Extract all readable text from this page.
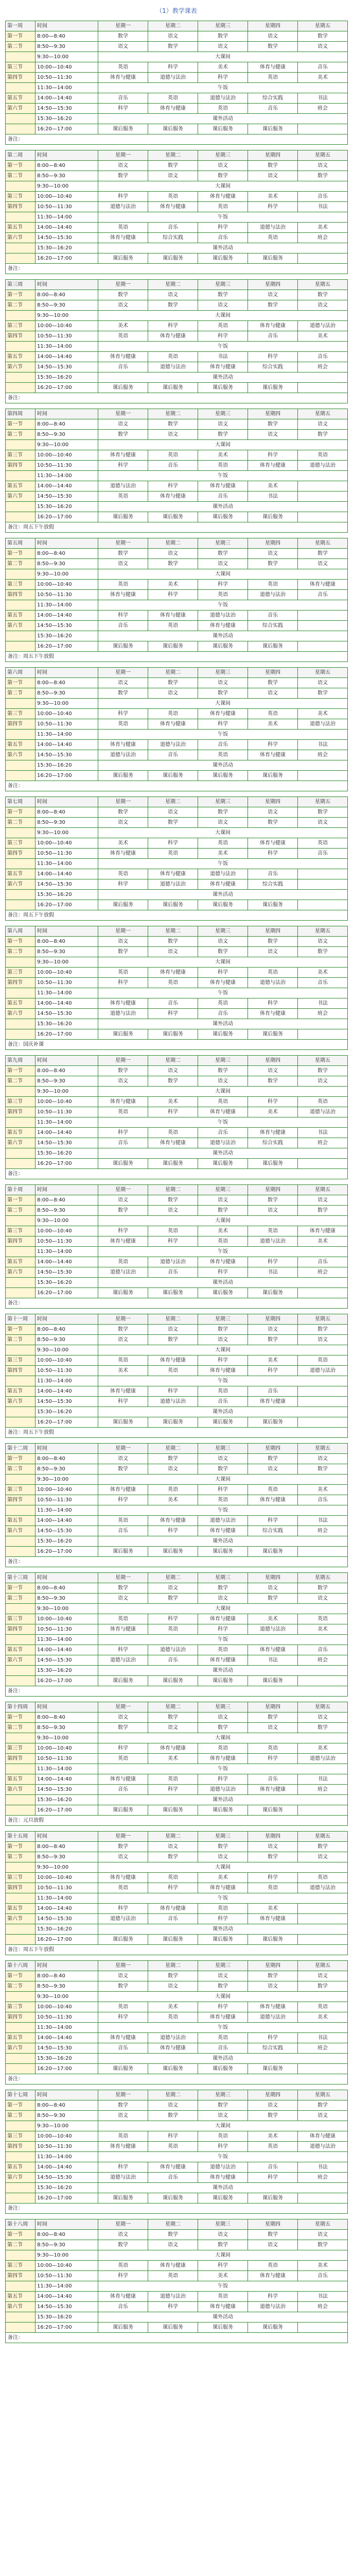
（1）教学课表
第一周	时间	星期一	星期二	星期三	星期四	星期五
第一节	8:00—8:40	数学	语文	数学	语文	数学
第二节	8:50—9:30	语文	数学	语文	数学	语文
	9:30—10:00	大课间				
第三节	10:00—10:40	英语	科学	美术	体育与健康	音乐
第四节	10:50—11:30	体育与健康	道德与法治	科学	英语	美术
	11:30—14:00	午饭				
第五节	14:00—14:40	音乐	英语	道德与法治	综合实践	书法
第六节	14:50—15:30	科学	体育与健康	英语	音乐	班会
	15:30—16:20	课外活动				
	16:20—17:00	课后服务	课后服务	课后服务	课后服务	
备注：
第二周	时间	星期一	星期二	星期三	星期四	星期五
第一节	8:00—8:40	语文	数学	语文	数学	语文
第二节	8:50—9:30	数学	语文	数学	语文	数学
	9:30—10:00	大课间				
第三节	10:00—10:40	科学	英语	体育与健康	美术	音乐
第四节	10:50—11:30	道德与法治	体育与健康	英语	科学	书法
	11:30—14:00	午饭				
第五节	14:00—14:40	英语	音乐	科学	道德与法治	美术
第六节	14:50—15:30	体育与健康	综合实践	音乐	英语	班会
	15:30—16:20	课外活动				
	16:20—17:00	课后服务	课后服务	课后服务	课后服务	
备注：
第三周	时间	星期一	星期二	星期三	星期四	星期五
第一节	8:00—8:40	数学	语文	数学	语文	数学
第二节	8:50—9:30	语文	数学	语文	数学	语文
	9:30—10:00	大课间				
第三节	10:00—10:40	美术	科学	英语	体育与健康	道德与法治
第四节	10:50—11:30	英语	体育与健康	科学	音乐	美术
	11:30—14:00	午饭				
第五节	14:00—14:40	体育与健康	英语	书法	科学	音乐
第六节	14:50—15:30	音乐	道德与法治	体育与健康	综合实践	班会
	15:30—16:20	课外活动				
	16:20—17:00	课后服务	课后服务	课后服务	课后服务	
备注：
第四周	时间	星期一	星期二	星期三	星期四	星期五
第一节	8:00—8:40	语文	数学	语文	数学	语文
第二节	8:50—9:30	数学	语文	数学	语文	数学
	9:30—10:00	大课间				
第三节	10:00—10:40	体育与健康	英语	美术	科学	英语
第四节	10:50—11:30	科学	音乐	英语	体育与健康	道德与法治
	11:30—14:00	午饭				
第五节	14:00—14:40	道德与法治	科学	体育与健康	美术	
第六节	14:50—15:30	英语	体育与健康	音乐	书法	
	15:30—16:20	课外活动				
	16:20—17:00	课后服务	课后服务	课后服务	课后服务	
备注：周五下午放假
第五周	时间	星期一	星期二	星期三	星期四	星期五
第一节	8:00—8:40	数学	语文	数学	语文	数学
第二节	8:50—9:30	语文	数学	语文	数学	语文
	9:30—10:00	大课间				
第三节	10:00—10:40	英语	美术	科学	英语	体育与健康
第四节	10:50—11:30	体育与健康	科学	英语	道德与法治	音乐
	11:30—14:00	午饭				
第五节	14:00—14:40	科学	体育与健康	道德与法治	音乐	
第六节	14:50—15:30	音乐	英语	体育与健康	综合实践	
	15:30—16:20	课外活动				
	16:20—17:00	课后服务	课后服务	课后服务	课后服务	
备注：周五下午放假
第六周	时间	星期一	星期二	星期三	星期四	星期五
第一节	8:00—8:40	语文	数学	语文	数学	语文
第二节	8:50—9:30	数学	语文	数学	语文	数学
	9:30—10:00	大课间				
第三节	10:00—10:40	科学	英语	体育与健康	英语	美术
第四节	10:50—11:30	英语	体育与健康	科学	美术	道德与法治
	11:30—14:00	午饭				
第五节	14:00—14:40	体育与健康	道德与法治	音乐	科学	书法
第六节	14:50—15:30	道德与法治	音乐	英语	体育与健康	班会
	15:30—16:20	课外活动				
	16:20—17:00	课后服务	课后服务	课后服务	课后服务	
备注：
第七周	时间	星期一	星期二	星期三	星期四	星期五
第一节	8:00—8:40	数学	语文	数学	语文	数学
第二节	8:50—9:30	语文	数学	语文	数学	语文
	9:30—10:00	大课间				
第三节	10:00—10:40	美术	科学	英语	体育与健康	英语
第四节	10:50—11:30	体育与健康	英语	美术	科学	音乐
	11:30—14:00	午饭				
第五节	14:00—14:40	英语	体育与健康	道德与法治	音乐	
第六节	14:50—15:30	科学	道德与法治	体育与健康	综合实践	
	15:30—16:20	课外活动				
	16:20—17:00	课后服务	课后服务	课后服务	课后服务	
备注：周五下午放假
第八周	时间	星期一	星期二	星期三	星期四	星期五
第一节	8:00—8:40	语文	数学	语文	数学	语文
第二节	8:50—9:30	数学	语文	数学	语文	数学
	9:30—10:00	大课间				
第三节	10:00—10:40	英语	体育与健康	科学	英语	美术
第四节	10:50—11:30	科学	英语	体育与健康	道德与法治	音乐
	11:30—14:00	午饭				
第五节	14:00—14:40	体育与健康	音乐	英语	科学	书法
第六节	14:50—15:30	道德与法治	科学	音乐	体育与健康	班会
	15:30—16:20	课外活动				
	16:20—17:00	课后服务	课后服务	课后服务	课后服务	
备注：国庆补课
第九周	时间	星期一	星期二	星期三	星期四	星期五
第一节	8:00—8:40	数学	语文	数学	语文	数学
第二节	8:50—9:30	语文	数学	语文	数学	语文
	9:30—10:00	大课间				
第三节	10:00—10:40	体育与健康	美术	英语	科学	英语
第四节	10:50—11:30	英语	科学	体育与健康	美术	道德与法治
	11:30—14:00	午饭				
第五节	14:00—14:40	科学	英语	音乐	体育与健康	书法
第六节	14:50—15:30	音乐	体育与健康	道德与法治	综合实践	班会
	15:30—16:20	课外活动				
	16:20—17:00	课后服务	课后服务	课后服务	课后服务	
备注：
第十周	时间	星期一	星期二	星期三	星期四	星期五
第一节	8:00—8:40	语文	数学	语文	数学	语文
第二节	8:50—9:30	数学	语文	数学	语文	数学
	9:30—10:00	大课间				
第三节	10:00—10:40	科学	英语	美术	英语	体育与健康
第四节	10:50—11:30	体育与健康	科学	英语	道德与法治	美术
	11:30—14:00	午饭				
第五节	14:00—14:40	英语	道德与法治	体育与健康	科学	音乐
第六节	14:50—15:30	道德与法治	音乐	科学	书法	班会
	15:30—16:20	课外活动				
	16:20—17:00	课后服务	课后服务	课后服务	课后服务	
备注：
第十一周	时间	星期一	星期二	星期三	星期四	星期五
第一节	8:00—8:40	数学	语文	数学	语文	数学
第二节	8:50—9:30	语文	数学	语文	数学	语文
	9:30—10:00	大课间				
第三节	10:00—10:40	英语	体育与健康	科学	美术	英语
第四节	10:50—11:30	美术	英语	体育与健康	科学	道德与法治
	11:30—14:00	午饭				
第五节	14:00—14:40	体育与健康	科学	英语	音乐	
第六节	14:50—15:30	科学	道德与法治	音乐	体育与健康	
	15:30—16:20	课外活动				
	16:20—17:00	课后服务	课后服务	课后服务	课后服务	
备注：周五下午放假
第十二周	时间	星期一	星期二	星期三	星期四	星期五
第一节	8:00—8:40	语文	数学	语文	数学	语文
第二节	8:50—9:30	数学	语文	数学	语文	数学
	9:30—10:00	大课间				
第三节	10:00—10:40	体育与健康	英语	科学	英语	美术
第四节	10:50—11:30	科学	美术	英语	体育与健康	音乐
	11:30—14:00	午饭				
第五节	14:00—14:40	英语	体育与健康	道德与法治	科学	书法
第六节	14:50—15:30	音乐	科学	体育与健康	综合实践	班会
	15:30—16:20	课外活动				
	16:20—17:00	课后服务	课后服务	课后服务	课后服务	
备注：
第十三周	时间	星期一	星期二	星期三	星期四	星期五
第一节	8:00—8:40	数学	语文	数学	语文	数学
第二节	8:50—9:30	语文	数学	语文	数学	语文
	9:30—10:00	大课间				
第三节	10:00—10:40	英语	科学	体育与健康	美术	英语
第四节	10:50—11:30	体育与健康	英语	科学	道德与法治	美术
	11:30—14:00	午饭				
第五节	14:00—14:40	科学	道德与法治	英语	体育与健康	音乐
第六节	14:50—15:30	道德与法治	音乐	体育与健康	书法	班会
	15:30—16:20	课外活动				
	16:20—17:00	课后服务	课后服务	课后服务	课后服务	
备注：
第十四周	时间	星期一	星期二	星期三	星期四	星期五
第一节	8:00—8:40	语文	数学	语文	数学	语文
第二节	8:50—9:30	数学	语文	数学	语文	数学
	9:30—10:00	大课间				
第三节	10:00—10:40	科学	体育与健康	英语	英语	美术
第四节	10:50—11:30	英语	美术	体育与健康	科学	道德与法治
	11:30—14:00	午饭				
第五节	14:00—14:40	体育与健康	英语	科学	音乐	书法
第六节	14:50—15:30	音乐	科学	道德与法治	体育与健康	班会
	15:30—16:20	课外活动				
	16:20—17:00	课后服务	课后服务	课后服务	课后服务	
备注：元旦放假
第十五周	时间	星期一	星期二	星期三	星期四	星期五
第一节	8:00—8:40	数学	语文	数学	语文	数学
第二节	8:50—9:30	语文	数学	语文	数学	语文
	9:30—10:00	大课间				
第三节	10:00—10:40	体育与健康	英语	美术	科学	英语
第四节	10:50—11:30	英语	科学	体育与健康	英语	道德与法治
	11:30—14:00	午饭				
第五节	14:00—14:40	科学	体育与健康	英语	美术	
第六节	14:50—15:30	道德与法治	音乐	科学	体育与健康	
	15:30—16:20	课外活动				
	16:20—17:00	课后服务	课后服务	课后服务	课后服务	
备注：周五下午放假
第十六周	时间	星期一	星期二	星期三	星期四	星期五
第一节	8:00—8:40	语文	数学	语文	数学	语文
第二节	8:50—9:30	数学	语文	数学	语文	数学
	9:30—10:00	大课间				
第三节	10:00—10:40	英语	美术	科学	体育与健康	英语
第四节	10:50—11:30	科学	英语	体育与健康	道德与法治	美术
	11:30—14:00	午饭				
第五节	14:00—14:40	体育与健康	道德与法治	英语	科学	书法
第六节	14:50—15:30	音乐	体育与健康	音乐	综合实践	班会
	15:30—16:20	课外活动				
	16:20—17:00	课后服务	课后服务	课后服务	课后服务	
备注：
第十七周	时间	星期一	星期二	星期三	星期四	星期五
第一节	8:00—8:40	数学	语文	数学	语文	数学
第二节	8:50—9:30	语文	数学	语文	数学	语文
	9:30—10:00	大课间				
第三节	10:00—10:40	英语	科学	英语	美术	体育与健康
第四节	10:50—11:30	体育与健康	英语	科学	英语	道德与法治
	11:30—14:00	午饭				
第五节	14:00—14:40	科学	体育与健康	道德与法治	音乐	书法
第六节	14:50—15:30	道德与法治	音乐	体育与健康	科学	班会
	15:30—16:20	课外活动				
	16:20—17:00	课后服务	课后服务	课后服务	课后服务	
备注：
第十八周	时间	星期一	星期二	星期三	星期四	星期五
第一节	8:00—8:40	语文	数学	语文	数学	语文
第二节	8:50—9:30	数学	语文	数学	语文	数学
	9:30—10:00	大课间				
第三节	10:00—10:40	英语	体育与健康	科学	英语	美术
第四节	10:50—11:30	科学	英语	美术	体育与健康	音乐
	11:30—14:00	午饭				
第五节	14:00—14:40	体育与健康	道德与法治	英语	科学	书法
第六节	14:50—15:30	音乐	科学	体育与健康	道德与法治	班会
	15:30—16:20	课外活动				
	16:20—17:00	课后服务	课后服务	课后服务	课后服务	
备注：
